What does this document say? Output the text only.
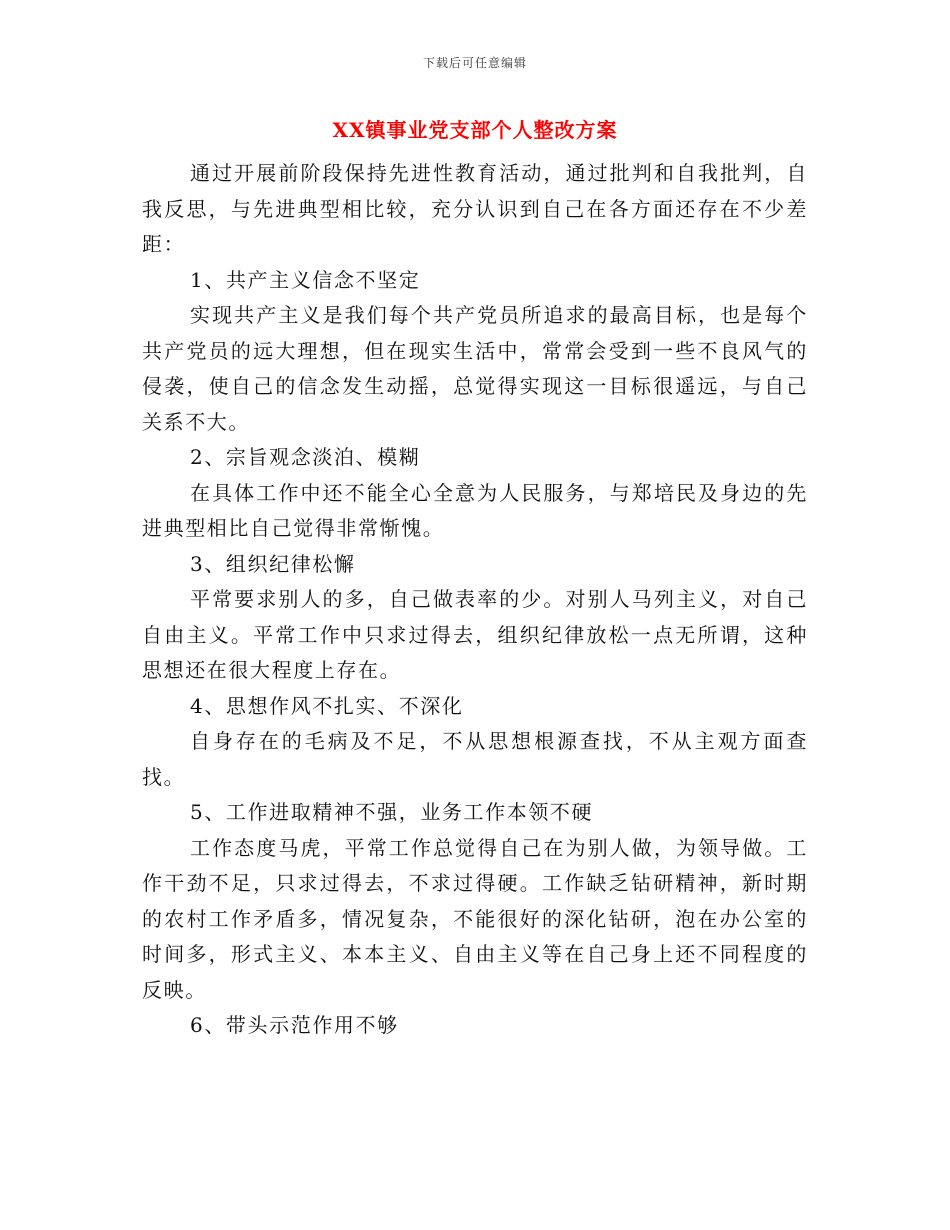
下载后可任意编辑
XX镇事业党支部个人整改方案

通过开展前阶段保持先进性教育活动，通过批判和自我批判，自我反思，与先进典型相比较，充分认识到自己在各方面还存在不少差距：

1、共产主义信念不坚定

实现共产主义是我们每个共产党员所追求的最高目标，也是每个共产党员的远大理想，但在现实生活中，常常会受到一些不良风气的侵袭，使自己的信念发生动摇，总觉得实现这一目标很遥远，与自己关系不大。

2、宗旨观念淡泊、模糊

在具体工作中还不能全心全意为人民服务，与郑培民及身边的先进典型相比自己觉得非常惭愧。

3、组织纪律松懈

平常要求别人的多，自己做表率的少。对别人马列主义，对自己自由主义。平常工作中只求过得去，组织纪律放松一点无所谓，这种思想还在很大程度上存在。

4、思想作风不扎实、不深化

自身存在的毛病及不足，不从思想根源查找，不从主观方面查找。

5、工作进取精神不强，业务工作本领不硬

工作态度马虎，平常工作总觉得自己在为别人做，为领导做。工作干劲不足，只求过得去，不求过得硬。工作缺乏钻研精神，新时期的农村工作矛盾多，情况复杂，不能很好的深化钻研，泡在办公室的时间多，形式主义、本本主义、自由主义等在自己身上还不同程度的反映。

6、带头示范作用不够
